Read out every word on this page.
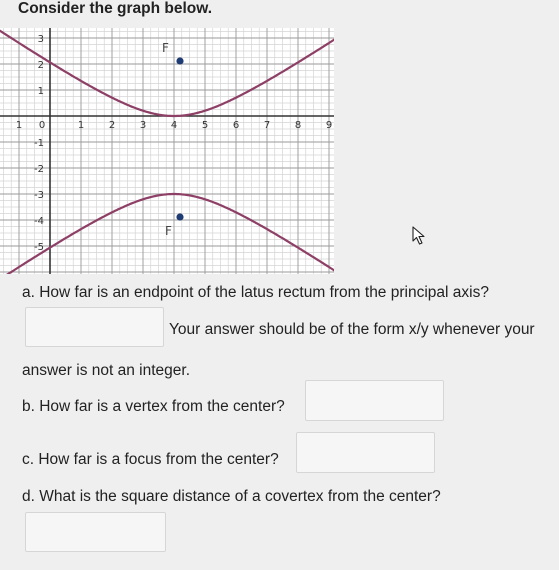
Consider the graph below.
1 0	1 2 3 4 5 6 7 8 9
3
2
1
-1
-2
-3
-4
-5
F
F
a. How far is an endpoint of the latus rectum from the principal axis?
Your answer should be of the form x/y whenever your
answer is not an integer.
b. How far is a vertex from the center?
c. How far is a focus from the center?
d. What is the square distance of a covertex from the center?
